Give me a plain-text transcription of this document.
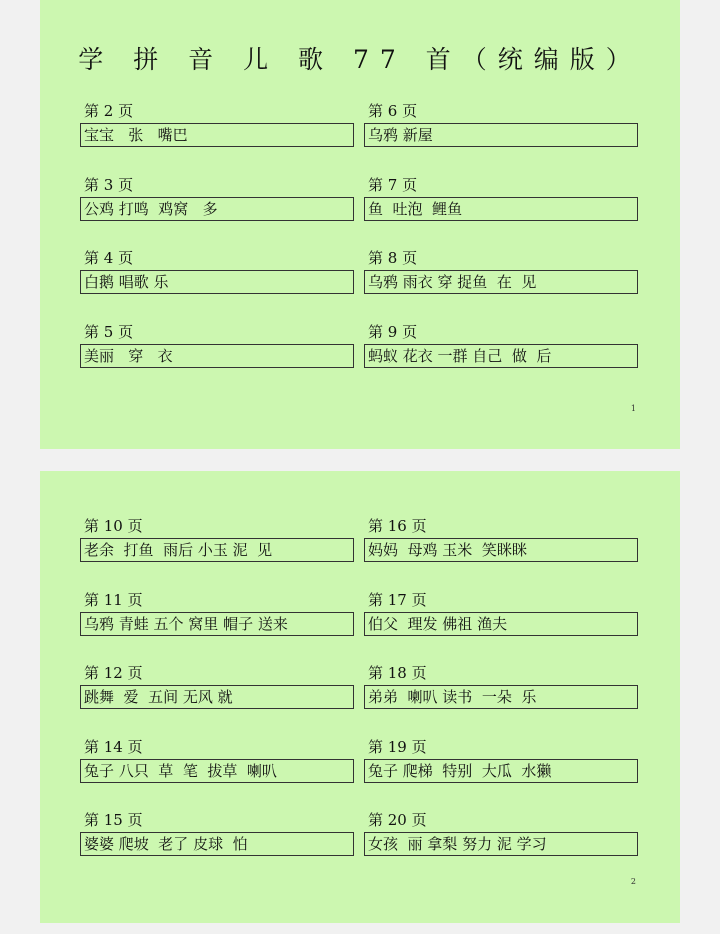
学 拼 音 儿 歌 77 首（统编版）
第 2 页
宝宝   张   嘴巴
第 3 页
公鸡 打鸣  鸡窝   多
第 4 页
白鹅 唱歌 乐
第 5 页
美丽   穿   衣
第 6 页
乌鸦 新屋
第 7 页
鱼  吐泡  鲤鱼
第 8 页
乌鸦 雨衣 穿 捉鱼  在  见
第 9 页
蚂蚁 花衣 一群 自己  做  后
1
第 10 页
老余  打鱼  雨后 小玉 泥  见
第 11 页
乌鸦 青蛙 五个 窝里 帽子 送来
第 12 页
跳舞  爱  五间 无风 就
第 14 页
兔子 八只  草  笔  拔草  喇叭
第 15 页
婆婆 爬坡  老了 皮球  怕
第 16 页
妈妈  母鸡 玉米  笑眯眯
第 17 页
伯父  理发 佛祖 渔夫
第 18 页
弟弟  喇叭 读书  一朵  乐
第 19 页
兔子 爬梯  特别  大瓜  水獭
第 20 页
女孩  丽 拿梨 努力 泥 学习
2
